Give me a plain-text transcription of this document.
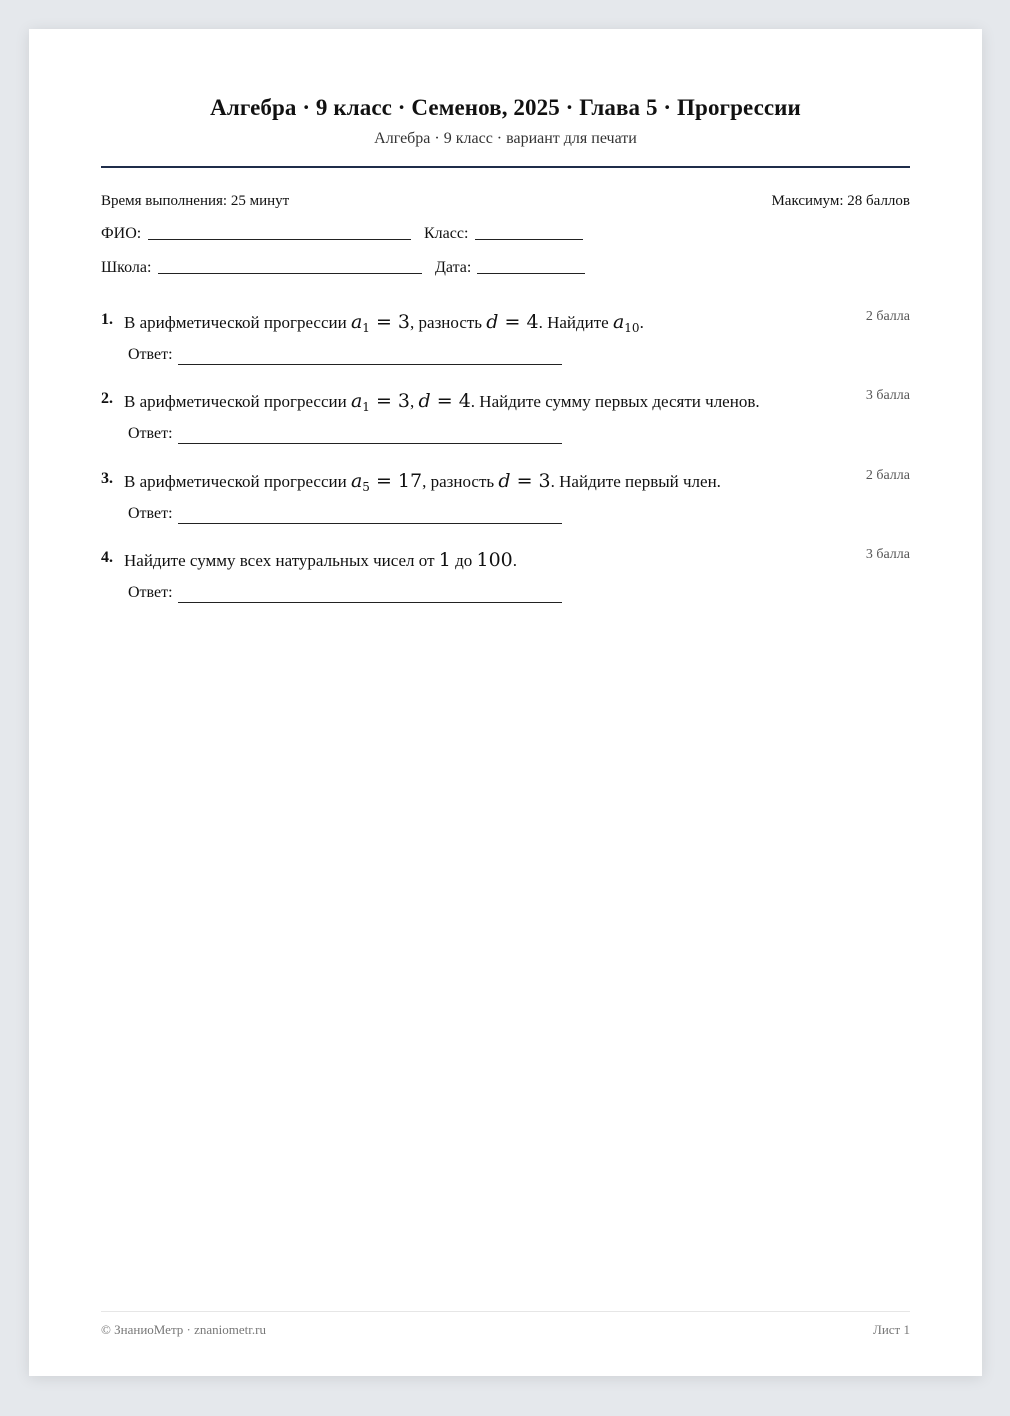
Алгебра · 9 класс · Семенов, 2025 · Глава 5 · Прогрессии
Алгебра · 9 класс · вариант для печати
Время выполнения: 25 минут	Максимум: 28 баллов
ФИО:	Класс:
Школа:	Дата:
1. В арифметической прогрессии $a_1 = 3$, разность d = 4. Найдите $a_{10}$.	2 балла
Ответ:
2. В арифметической прогрессии $a_1 = 3$, d = 4. Найдите сумму первых десяти членов.	3 балла
Ответ:
3. В арифметической прогрессии $a_5 = 17$, разность d = 3. Найдите первый член.	2 балла
Ответ:
4. Найдите сумму всех натуральных чисел от 1 до 100.	3 балла
Ответ:
© ЗнаниоМетр · znaniometr.ru	Лист 1
